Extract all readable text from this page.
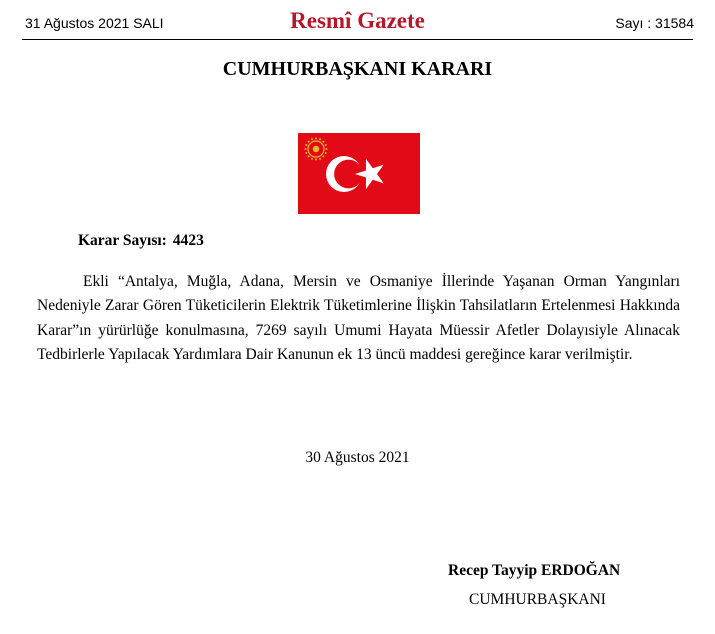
31 Ağustos 2021 SALI	Resmî Gazete	Sayı : 31584
CUMHURBAŞKANI KARARI
Karar Sayısı: 4423
Ekli “Antalya, Muğla, Adana, Mersin ve Osmaniye İllerinde Yaşanan Orman Yangınları Nedeniyle Zarar Gören Tüketicilerin Elektrik Tüketimlerine İlişkin Tahsilatların Ertelenmesi Hakkında Karar”ın yürürlüğe konulmasına, 7269 sayılı Umumi Hayata Müessir Afetler Dolayısiyle Alınacak Tedbirlerle Yapılacak Yardımlara Dair Kanunun ek 13 üncü maddesi gereğince karar verilmiştir.
30 Ağustos 2021
Recep Tayyip ERDOĞAN
CUMHURBAŞKANI
